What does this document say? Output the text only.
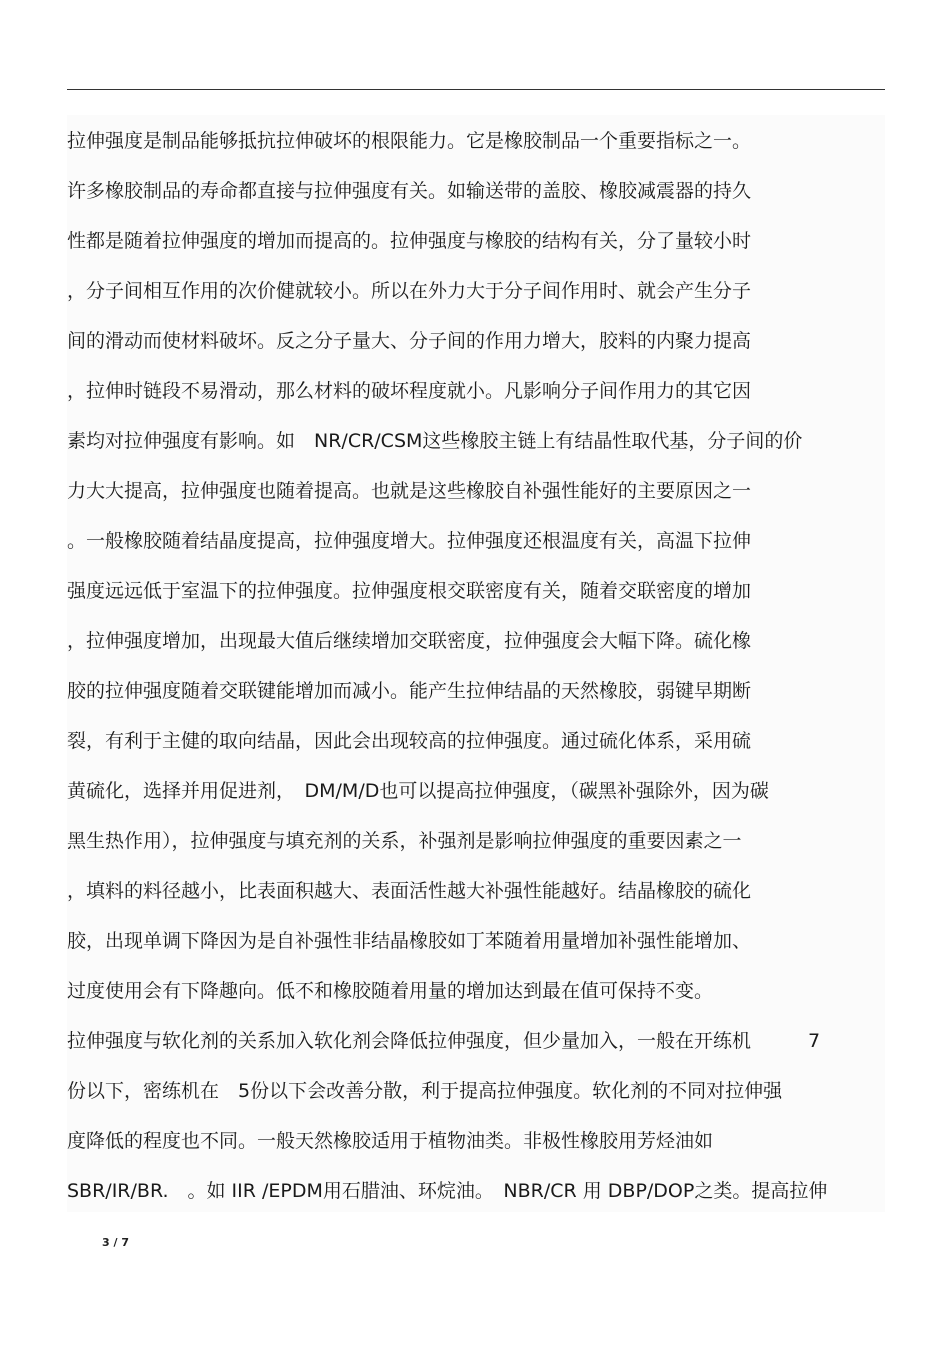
拉伸强度是制品能够抵抗拉伸破坏的根限能力。它是橡胶制品一个重要指标之一。
许多橡胶制品的寿命都直接与拉伸强度有关。如输送带的盖胶、橡胶减震器的持久
性都是随着拉伸强度的增加而提高的。拉伸强度与橡胶的结构有关，分了量较小时
，分子间相互作用的次价健就较小。所以在外力大于分子间作用时、就会产生分子
间的滑动而使材料破坏。反之分子量大、分子间的作用力增大，胶料的内聚力提高
，拉伸时链段不易滑动，那么材料的破坏程度就小。凡影响分子间作用力的其它因
素均对拉伸强度有影响。如　NR/CR/CSM这些橡胶主链上有结晶性取代基，分子间的价
力大大提高，拉伸强度也随着提高。也就是这些橡胶自补强性能好的主要原因之一
。一般橡胶随着结晶度提高，拉伸强度增大。拉伸强度还根温度有关，高温下拉伸
强度远远低于室温下的拉伸强度。拉伸强度根交联密度有关，随着交联密度的增加
，拉伸强度增加，出现最大值后继续增加交联密度，拉伸强度会大幅下降。硫化橡
胶的拉伸强度随着交联键能增加而减小。能产生拉伸结晶的天然橡胶，弱键早期断
裂，有利于主健的取向结晶，因此会出现较高的拉伸强度。通过硫化体系，采用硫
黄硫化，选择并用促进剂，　DM/M/D也可以提高拉伸强度，（碳黑补强除外，因为碳
黑生热作用），拉伸强度与填充剂的关系，补强剂是影响拉伸强度的重要因素之一
，填料的料径越小，比表面积越大、表面活性越大补强性能越好。结晶橡胶的硫化
胶，出现单调下降因为是自补强性非结晶橡胶如丁苯随着用量增加补强性能增加、
过度使用会有下降趣向。低不和橡胶随着用量的增加达到最在值可保持不变。
拉伸强度与软化剂的关系加入软化剂会降低拉伸强度，但少量加入，一般在开练机　　　7
份以下，密练机在　5份以下会改善分散，利于提高拉伸强度。软化剂的不同对拉伸强
度降低的程度也不同。一般天然橡胶适用于植物油类。非极性橡胶用芳烃油如
SBR/IR/BR.　。如 IIR /EPDM用石腊油、环烷油。　NBR/CR 用 DBP/DOP之类。提高拉伸
3 / 7
